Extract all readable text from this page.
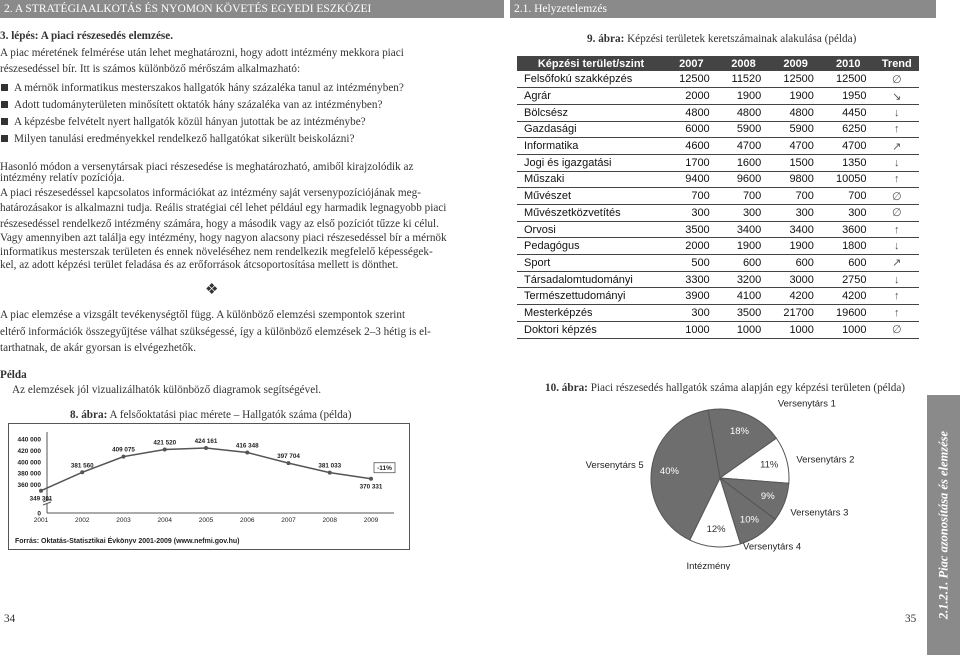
2. A STRATÉGIAALKOTÁS ÉS NYOMON KÖVETÉS EGYEDI ESZKÖZEI	2.1. Helyzetelemzés
2.1.2.1. Piac azonosítása és elemzése
3. lépés: A piaci részesedés elemzése.
A piac méretének felmérése után lehet meghatározni, hogy adott intézmény mekkora piaci
részesedéssel bír. Itt is számos különböző mérőszám alkalmazható:
A mérnök informatikus mesterszakos hallgatók hány százaléka tanul az intézményben?
Adott tudományterületen minősített oktatók hány százaléka van az intézményben?
A képzésbe felvételt nyert hallgatók közül hányan jutottak be az intézménybe?
Milyen tanulási eredményekkel rendelkező hallgatókat sikerült beiskolázni?
Hasonló módon a versenytársak piaci részesedése is meghatározható, amiből kirajzolódik az
intézmény relatív pozíciója.
A piaci részesedéssel kapcsolatos információkat az intézmény saját versenypozíciójának meg-
határozásakor is alkalmazni tudja. Reális stratégiai cél lehet például egy harmadik legnagyobb piaci
részesedéssel rendelkező intézmény számára, hogy a második vagy az első pozíciót tűzze ki célul.
Vagy amennyiben azt találja egy intézmény, hogy nagyon alacsony piaci részesedéssel bír a mérnök
informatikus mesterszak területen és ennek növeléséhez nem rendelkezik megfelelő képességek-
kel, az adott képzési terület feladása és az erőforrások átcsoportosítása mellett is dönthet.
❖
A piac elemzése a vizsgált tevékenységtől függ. A különböző elemzési szempontok szerint
eltérő információk összegyűjtése válhat szükségessé, így a különböző elemzések 2–3 hétig is el-
tarthatnak, de akár gyorsan is elvégezhetők.
Példa
Az elemzések jól vizualizálhatók különböző diagramok segítségével.
8. ábra: A felsőoktatási piac mérete – Hallgatók száma (példa)
0
360 000
380 000
400 000
420 000
440 000
2001	2002	2003	2004	2005	2006	2007	2008	2009
349 301
381 560
409 075
421 520	424 161
416 348
397 704
381 033
370 331
-11%
Forrás: Oktatás-Statisztikai Évkönyv 2001-2009 (www.nefmi.gov.hu)
9. ábra: Képzési területek keretszámainak alakulása (példa)
Képzési terület/szint	2007	2008	2009	2010	Trend
Felsőfokú szakképzés	12500	11520	12500	12500	∅
Agrár	2000	1900	1900	1950	↘
Bölcsész	4800	4800	4800	4450	↓
Gazdasági	6000	5900	5900	6250	↑
Informatika	4600	4700	4700	4700	↗
Jogi és igazgatási	1700	1600	1500	1350	↓
Műszaki	9400	9600	9800	10050	↑
Művészet	700	700	700	700	∅
Művészetközvetítés	300	300	300	300	∅
Orvosi	3500	3400	3400	3600	↑
Pedagógus	2000	1900	1900	1800	↓
Sport	500	600	600	600	↗
Társadalomtudományi	3300	3200	3000	2750	↓
Természettudományi	3900	4100	4200	4200	↑
Mesterképzés	300	3500	21700	19600	↑
Doktori képzés	1000	1000	1000	1000	∅
10. ábra: Piaci részesedés hallgatók száma alapján egy képzési területen (példa)
18%
Versenytárs 1
11% Versenytárs 2
9%
Versenytárs 3
10%
Versenytárs 4
12%
Intézmény
40%
Versenytárs 5
34	35
